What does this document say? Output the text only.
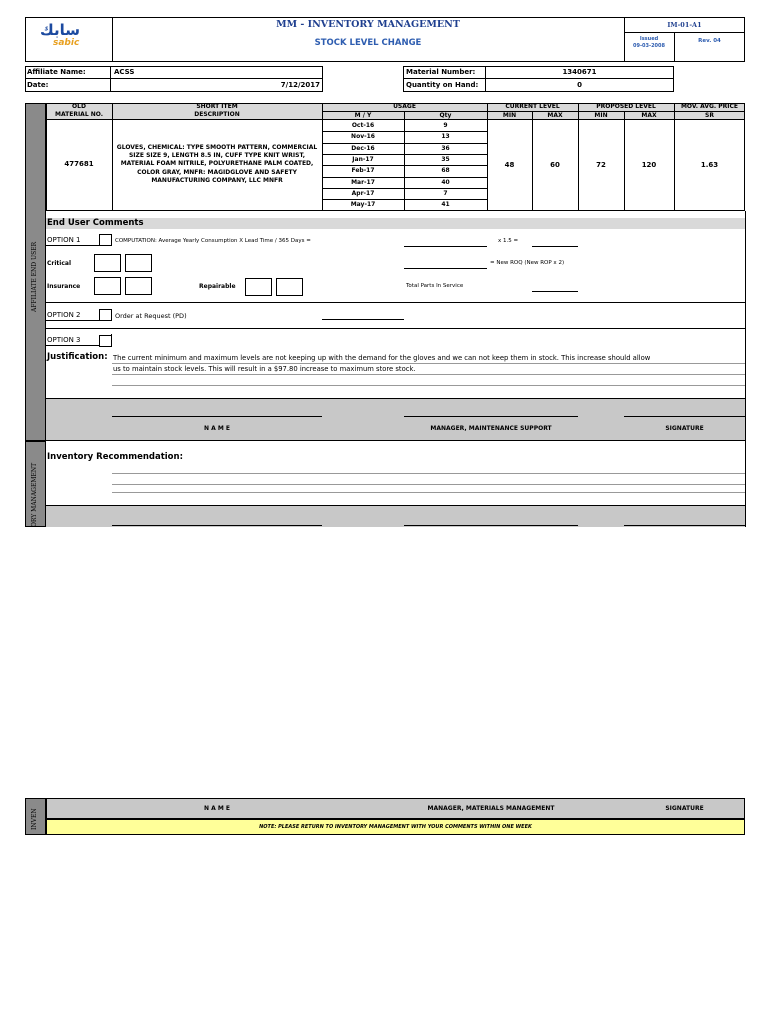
سابك
sabic
MM - INVENTORY MANAGEMENT
STOCK LEVEL CHANGE
IM-01-A1
Issued
09-03-2008
Rev. 04
Affiliate Name:	ACSS
Date:	7/12/2017
Material Number:	1340671
Quantity on Hand:	0
AFFILIATE END USER
ORY MANAGEMENT
OLD
MATERIAL NO.
SHORT ITEM
DESCRIPTION
USAGE
M / Y	Qty
CURRENT LEVEL
MIN	MAX
PROPOSED LEVEL
MIN	MAX
MOV. AVG. PRICE
SR
Oct-16	9
Nov-16	13
Dec-16	36
Jan-17	35
Feb-17	68
Mar-17	40
Apr-17	7
May-17	41
477681
GLOVES, CHEMICAL: TYPE SMOOTH PATTERN, COMMERCIAL SIZE SIZE 9, LENGTH 8.5 IN, CUFF TYPE KNIT WRIST, MATERIAL FOAM NITRILE, POLYURETHANE PALM COATED, COLOR GRAY, MNFR: MAGIDGLOVE AND SAFETY MANUFACTURING COMPANY, LLC MNFR
48	60	72	120	1.63
End User Comments
OPTION 1	COMPUTATION: Average Yearly Consumption X Lead Time / 365 Days =	x 1.5 =
Critical	= New ROQ (New ROP x 2)
Insurance	Repairable	Total Parts In Service
OPTION 2	Order at Request (PD)
OPTION 3
Justification: The current minimum and maximum levels are not keeping up with the demand for the gloves and we can not keep them in stock. This increase should allow
us to maintain stock levels. This will result in a $97.80 increase to maximum store stock.
N A M E	MANAGER, MAINTENANCE SUPPORT	SIGNATURE
Inventory Recommendation:
INVEN	N A M E	MANAGER, MATERIALS MANAGEMENT	SIGNATURE
NOTE: PLEASE RETURN TO INVENTORY MANAGEMENT WITH YOUR COMMENTS WITHIN ONE WEEK
